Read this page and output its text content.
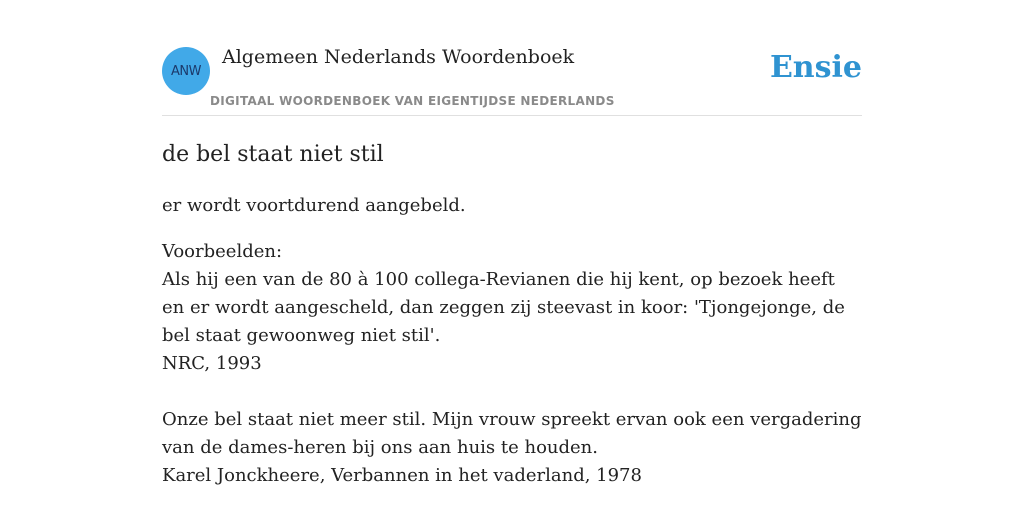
ANW
Algemeen Nederlands Woordenboek
DIGITAAL WOORDENBOEK VAN EIGENTIJDSE NEDERLANDS
Ensie
de bel staat niet stil

er wordt voortdurend aangebeld.

Voorbeelden:
Als hij een van de 80 à 100 collega-Revianen die hij kent, op bezoek heeft en er wordt aangescheld, dan zeggen zij steevast in koor: 'Tjongejonge, de bel staat gewoonweg niet stil'.
NRC, 1993
Onze bel staat niet meer stil. Mijn vrouw spreekt ervan ook een vergadering van de dames-heren bij ons aan huis te houden.
Karel Jonckheere, Verbannen in het vaderland, 1978
